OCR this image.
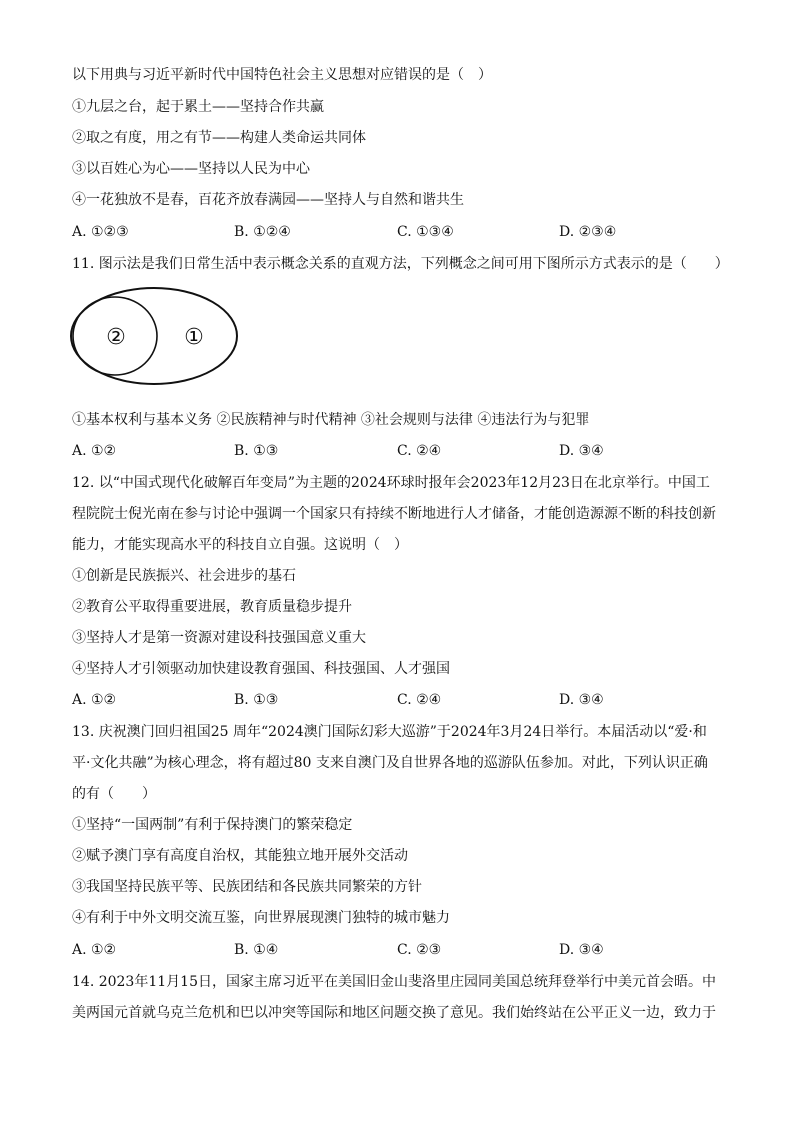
以下用典与习近平新时代中国特色社会主义思想对应错误的是（　）
①九层之台，起于累土——坚持合作共赢
②取之有度，用之有节——构建人类命运共同体
③以百姓心为心——坚持以人民为中心
④一花独放不是春，百花齐放春满园——坚持人与自然和谐共生
A. ①②③	B. ①②④	C. ①③④	D. ②③④
11. 图示法是我们日常生活中表示概念关系的直观方法，下列概念之间可用下图所示方式表示的是（　　）
②	①
①基本权利与基本义务 ②民族精神与时代精神 ③社会规则与法律 ④违法行为与犯罪
A. ①②	B. ①③	C. ②④	D. ③④
12. 以“中国式现代化破解百年变局”为主题的2024环球时报年会2023年12月23日在北京举行。中国工程院院士倪光南在参与讨论中强调一个国家只有持续不断地进行人才储备，才能创造源源不断的科技创新能力，才能实现高水平的科技自立自强。这说明（　）
①创新是民族振兴、社会进步的基石
②教育公平取得重要进展，教育质量稳步提升
③坚持人才是第一资源对建设科技强国意义重大
④坚持人才引领驱动加快建设教育强国、科技强国、人才强国
A. ①②	B. ①③	C. ②④	D. ③④
13. 庆祝澳门回归祖国25 周年“2024澳门国际幻彩大巡游”于2024年3月24日举行。本届活动以“爱·和平·文化共融”为核心理念，将有超过80 支来自澳门及自世界各地的巡游队伍参加。对此，下列认识正确的有（　　）
①坚持“一国两制”有利于保持澳门的繁荣稳定
②赋予澳门享有高度自治权，其能独立地开展外交活动
③我国坚持民族平等、民族团结和各民族共同繁荣的方针
④有利于中外文明交流互鉴，向世界展现澳门独特的城市魅力
A. ①②	B. ①④	C. ②③	D. ③④
14. 2023年11月15日，国家主席习近平在美国旧金山斐洛里庄园同美国总统拜登举行中美元首会晤。中美两国元首就乌克兰危机和巴以冲突等国际和地区问题交换了意见。我们始终站在公平正义一边，致力于
